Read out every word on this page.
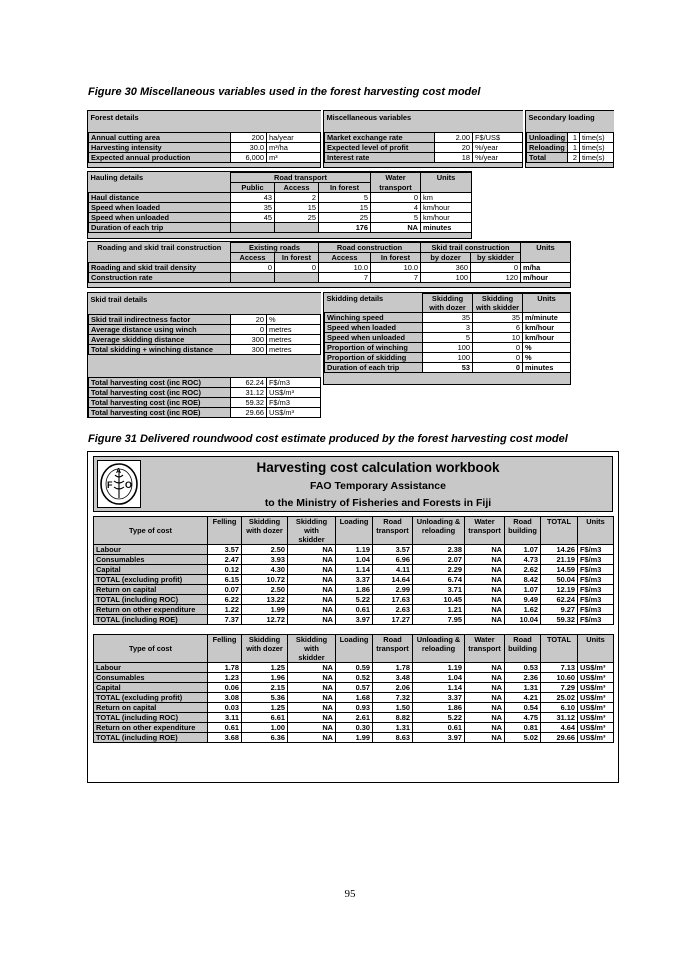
Figure 30 Miscellaneous variables used in the forest harvesting cost model
Forest details		

Annual cutting area	200	ha/year
Harvesting intensity	30.0	m³/ha
Expected annual production	6,000	m³
Miscellaneous variables		

Market exchange rate	2.00	F$/US$
Expected level of profit	20	%/year
Interest rate	18	%/year
Secondary loading		

Unloading	1	time(s)
Reloading	1	time(s)
Total	2	time(s)
Hauling details	Road transport			Water	Units
	Public	Access	In forest	transport	
Haul distance	43	2	5	0	km
Speed when loaded	35	15	15	4	km/hour
Speed when unloaded	45	25	25	5	km/hour
Duration of each trip			176	NA	minutes
Roading and skid trail construction	Existing roads		Road construction		Skid trail construction		Units
	Access	In forest	Access	In forest	by dozer	by skidder	
Roading and skid trail density	0	0	10.0	10.0	360	0	m/ha
Construction rate			7	7	100	120	m/hour
Skid trail details		

Skid trail indirectness factor	20	%
Average distance using winch	0	metres
Average skidding distance	300	metres
Total skidding + winching distance	300	metres

Total harvesting cost (inc ROC)	62.24	F$/m3
Total harvesting cost (inc ROC)	31.12	US$/m³
Total harvesting cost (inc ROE)	59.32	F$/m3
Total harvesting cost (inc ROE)	29.66	US$/m³
Skidding details	Skidding	Skidding	Units
	with dozer	with skidder	
Winching speed	35	35	m/minute
Speed when loaded	3	6	km/hour
Speed when unloaded	5	10	km/hour
Proportion of winching	100	0	%
Proportion of skidding	100	0	%
Duration of each trip	53	0	minutes
Figure 31 Delivered roundwood cost estimate produced by the forest harvesting cost model
F O
A	Harvesting cost calculation workbook
FAO Temporary Assistance
to the Ministry of Fisheries and Forests in Fiji
Type of cost	Felling	Skidding with dozer	Skidding with skidder	Loading	Road transport	Unloading & reloading	Water transport	Road building	TOTAL	Units
Labour	3.57	2.50	NA	1.19	3.57	2.38	NA	1.07	14.26	F$/m3
Consumables	2.47	3.93	NA	1.04	6.96	2.07	NA	4.73	21.19	F$/m3
Capital	0.12	4.30	NA	1.14	4.11	2.29	NA	2.62	14.59	F$/m3
TOTAL (excluding profit)	6.15	10.72	NA	3.37	14.64	6.74	NA	8.42	50.04	F$/m3
Return on capital	0.07	2.50	NA	1.86	2.99	3.71	NA	1.07	12.19	F$/m3
TOTAL (including ROC)	6.22	13.22	NA	5.22	17.63	10.45	NA	9.49	62.24	F$/m3
Return on other expenditure	1.22	1.99	NA	0.61	2.63	1.21	NA	1.62	9.27	F$/m3
TOTAL (including ROE)	7.37	12.72	NA	3.97	17.27	7.95	NA	10.04	59.32	F$/m3
Type of cost	Felling	Skidding with dozer	Skidding with skidder	Loading	Road transport	Unloading & reloading	Water transport	Road building	TOTAL	Units
Labour	1.78	1.25	NA	0.59	1.78	1.19	NA	0.53	7.13	US$/m³
Consumables	1.23	1.96	NA	0.52	3.48	1.04	NA	2.36	10.60	US$/m³
Capital	0.06	2.15	NA	0.57	2.06	1.14	NA	1.31	7.29	US$/m³
TOTAL (excluding profit)	3.08	5.36	NA	1.68	7.32	3.37	NA	4.21	25.02	US$/m³
Return on capital	0.03	1.25	NA	0.93	1.50	1.86	NA	0.54	6.10	US$/m³
TOTAL (including ROC)	3.11	6.61	NA	2.61	8.82	5.22	NA	4.75	31.12	US$/m³
Return on other expenditure	0.61	1.00	NA	0.30	1.31	0.61	NA	0.81	4.64	US$/m³
TOTAL (including ROE)	3.68	6.36	NA	1.99	8.63	3.97	NA	5.02	29.66	US$/m³
95
